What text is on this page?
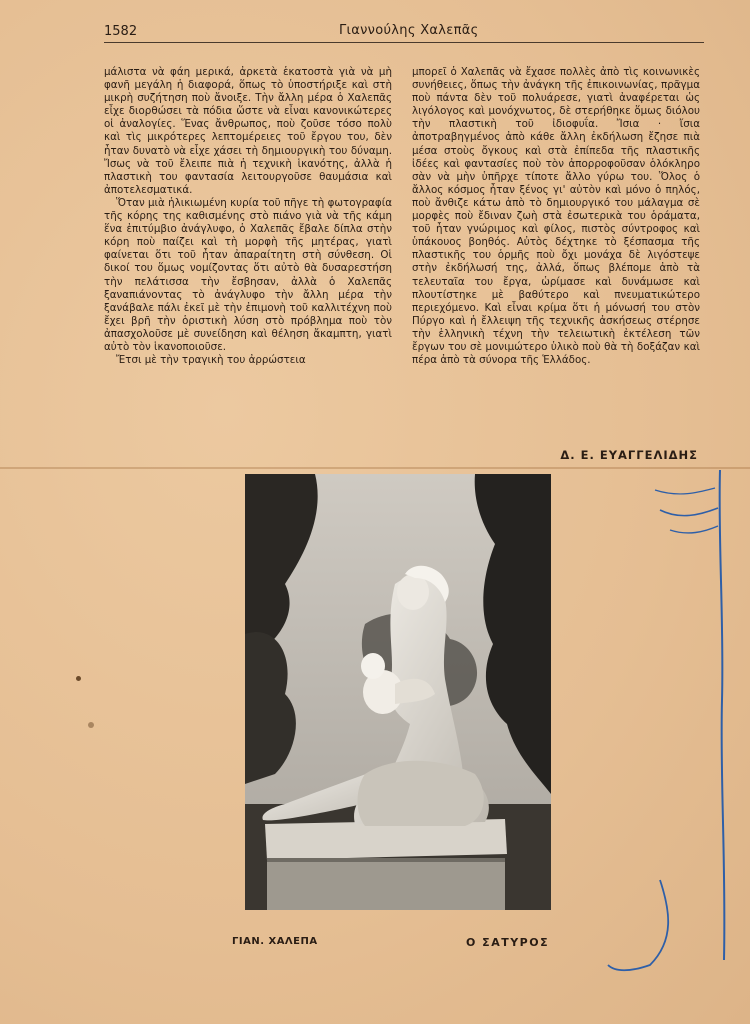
1582	Γιαννούλης Χαλεπᾶς

μάλιστα νὰ φάη μερικά, ἀρκετὰ ἑκατοστὰ γιὰ νὰ μὴ φανῆ μεγάλη ἡ διαφορά, ὅπως τὸ ὑποστήριξε καὶ στὴ μικρὴ συζήτηση ποὺ ἄνοιξε. Τὴν ἄλλη μέρα ὁ Χαλεπᾶς εἶχε διορθώσει τὰ πόδια ὥστε νὰ εἶναι κανονικώτερες οἱ ἀναλογίες. Ἕνας ἄνθρωπος, ποὺ ζοῦσε τόσο πολὺ καὶ τὶς μικρότερες λεπτομέρειες τοῦ ἔργου του, δὲν ἦταν δυνατὸ νὰ εἶχε χάσει τὴ δημιουργικὴ του δύναμη. Ἴσως νὰ τοῦ ἔλειπε πιὰ ἡ τεχνικὴ ἱκανότης, ἀλλὰ ἡ πλαστικὴ του φαντασία λειτουργοῦσε θαυμάσια καὶ ἀποτελεσματικά.

Ὅταν μιὰ ἡλικιωμένη κυρία τοῦ πῆγε τὴ φωτογραφία τῆς κόρης της καθισμένης στὸ πιάνο γιὰ νὰ τῆς κάμη ἕνα ἐπιτύμβιο ἀνάγλυφο, ὁ Χαλεπᾶς ἔβαλε δίπλα στὴν κόρη ποὺ παίζει καὶ τὴ μορφὴ τῆς μητέρας, γιατὶ φαίνεται ὅτι τοῦ ἦταν ἀπαραίτητη στὴ σύνθεση. Οἱ δικοί του ὅμως νομίζοντας ὅτι αὐτὸ θὰ δυσαρεστήση τὴν πελάτισσα τὴν ἔσβησαν, ἀλλὰ ὁ Χαλεπᾶς ξαναπιάνοντας τὸ ἀνάγλυφο τὴν ἄλλη μέρα τὴν ξανάβαλε πάλι ἐκεῖ μὲ τὴν ἐπιμονὴ τοῦ καλλιτέχνη ποὺ ἔχει βρῆ τὴν ὁριστικὴ λύση στὸ πρόβλημα ποὺ τὸν ἀπασχολοῦσε μὲ συνείδηση καὶ θέληση ἄκαμπτη, γιατὶ αὐτὸ τὸν ἱκανοποιοῦσε.

Ἔτσι μὲ τὴν τραγικὴ του ἀρρώστεια

μπορεῖ ὁ Χαλεπᾶς νὰ ἔχασε πολλὲς ἀπὸ τὶς κοινωνικὲς συνήθειες, ὅπως τὴν ἀνάγκη τῆς ἐπικοινωνίας, πρᾶγμα ποὺ πάντα δὲν τοῦ πολυάρεσε, γιατὶ ἀναφέρεται ὡς λιγόλογος καὶ μονόχνωτος, δὲ στερήθηκε ὅμως διόλου τὴν πλαστικὴ τοῦ ἰδιοφυΐα. Ἴσια · ἴσια ἀποτραβηγμένος ἀπὸ κάθε ἄλλη ἐκδήλωση ἔζησε πιὰ μέσα στοὺς ὄγκους καὶ στὰ ἐπίπεδα τῆς πλαστικῆς ἰδέες καὶ φαντασίες ποὺ τὸν ἀπορροφοῦσαν ὁλόκληρο σὰν νὰ μὴν ὑπῆρχε τίποτε ἄλλο γύρω του. Ὅλος ὁ ἄλλος κόσμος ἦταν ξένος γι' αὐτὸν καὶ μόνο ὁ πηλός, ποὺ ἄνθιζε κάτω ἀπὸ τὸ δημιουργικό του μάλαγμα σὲ μορφὲς ποὺ ἔδιναν ζωὴ στὰ ἐσωτερικὰ του ὁράματα, τοῦ ἦταν γνώριμος καὶ φίλος, πιστὸς σύντροφος καὶ ὑπάκουος βοηθός. Αὐτὸς δέχτηκε τὸ ξέσπασμα τῆς πλαστικῆς του ὁρμῆς ποὺ ὄχι μονάχα δὲ λιγόστεψε στὴν ἐκδήλωσή της, ἀλλά, ὅπως βλέπομε ἀπὸ τὰ τελευταῖα του ἔργα, ὡρίμασε καὶ δυνάμωσε καὶ πλουτίστηκε μὲ βαθύτερο καὶ πνευματικώτερο περιεχόμενο. Καὶ εἶναι κρίμα ὅτι ἡ μόνωσή του στὸν Πύργο καὶ ἡ ἔλλειψη τῆς τεχνικῆς ἀσκήσεως στέρησε τὴν ἑλληνικὴ τέχνη τὴν τελειωτικὴ ἐκτέλεση τῶν ἔργων του σὲ μονιμώτερο ὑλικὸ ποὺ θὰ τὴ δοξάζαν καὶ πέρα ἀπὸ τὰ σύνορα τῆς Ἑλλάδος.

Δ. Ε. ΕΥΑΓΓΕΛΙΔΗΣ
ΓΙΑΝ. ΧΑΛΕΠΑ	Ο ΣΑΤΥΡΟΣ
